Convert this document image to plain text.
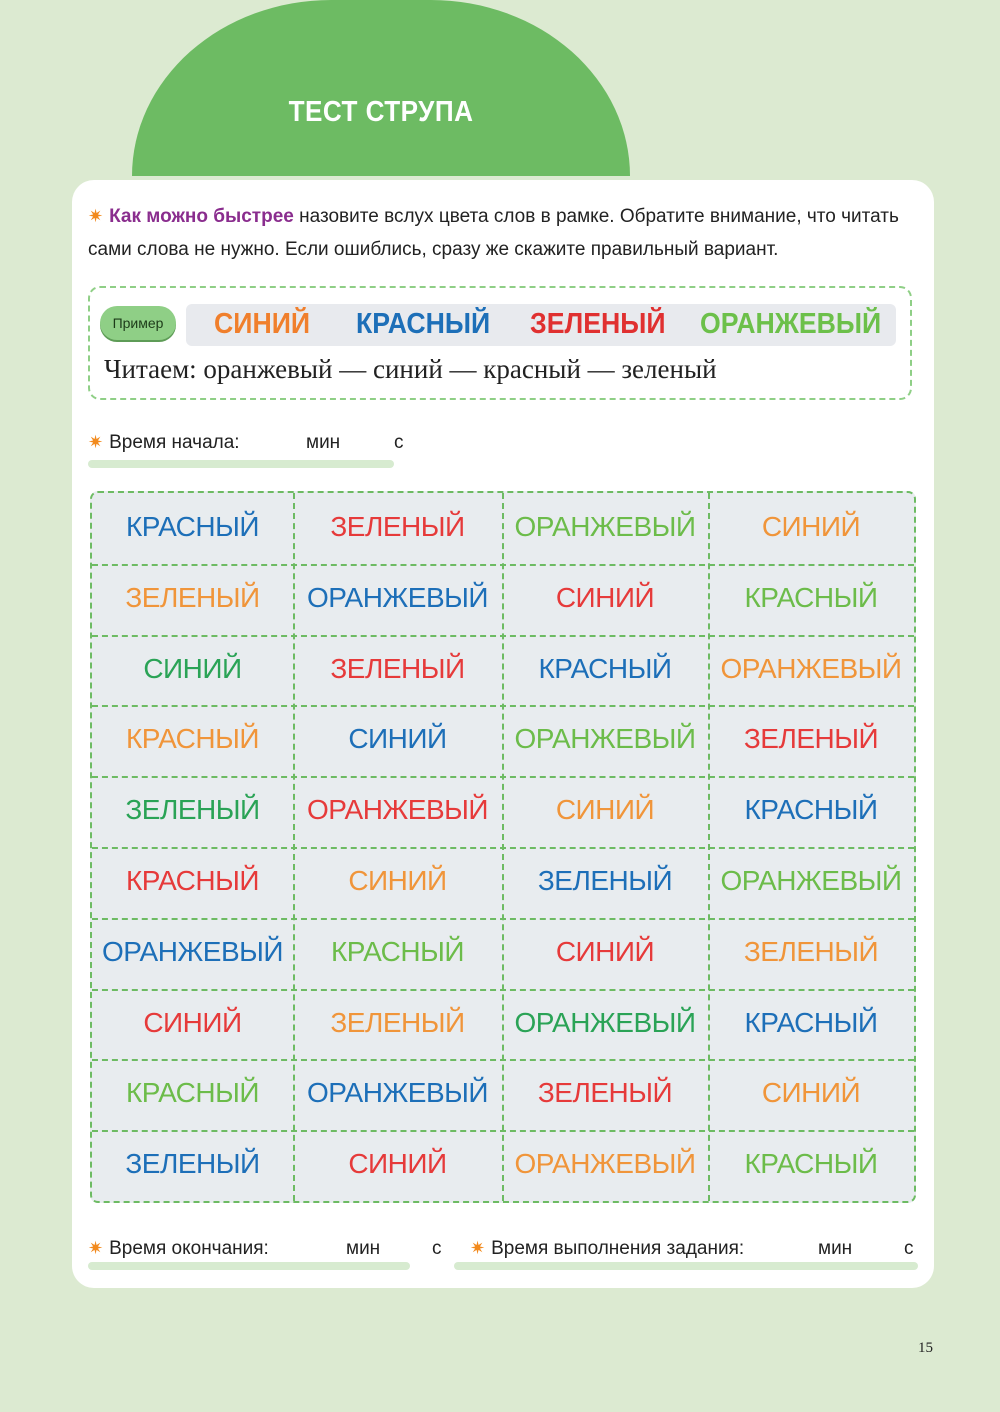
ТЕСТ СТРУПА
✷ Как можно быстрее назовите вслух цвета слов в рамке. Обратите внимание, что читать сами слова не нужно. Если ошиблись, сразу же скажите правильный вариант.
Пример	СИНИЙ КРАСНЫЙ ЗЕЛЕНЫЙ ОРАНЖЕВЫЙ
Читаем: оранжевый — синий — красный — зеленый
✷ Время начала:	мин	с
КРАСНЫЙ	ЗЕЛЕНЫЙ	ОРАНЖЕВЫЙ	СИНИЙ
ЗЕЛЕНЫЙ	ОРАНЖЕВЫЙ	СИНИЙ	КРАСНЫЙ
СИНИЙ	ЗЕЛЕНЫЙ	КРАСНЫЙ	ОРАНЖЕВЫЙ
КРАСНЫЙ	СИНИЙ	ОРАНЖЕВЫЙ	ЗЕЛЕНЫЙ
ЗЕЛЕНЫЙ	ОРАНЖЕВЫЙ	СИНИЙ	КРАСНЫЙ
КРАСНЫЙ	СИНИЙ	ЗЕЛЕНЫЙ	ОРАНЖЕВЫЙ
ОРАНЖЕВЫЙ	КРАСНЫЙ	СИНИЙ	ЗЕЛЕНЫЙ
СИНИЙ	ЗЕЛЕНЫЙ	ОРАНЖЕВЫЙ	КРАСНЫЙ
КРАСНЫЙ	ОРАНЖЕВЫЙ	ЗЕЛЕНЫЙ	СИНИЙ
ЗЕЛЕНЫЙ	СИНИЙ	ОРАНЖЕВЫЙ	КРАСНЫЙ
✷ Время окончания:	мин	с ✷ Время выполнения задания:	мин	с
15
